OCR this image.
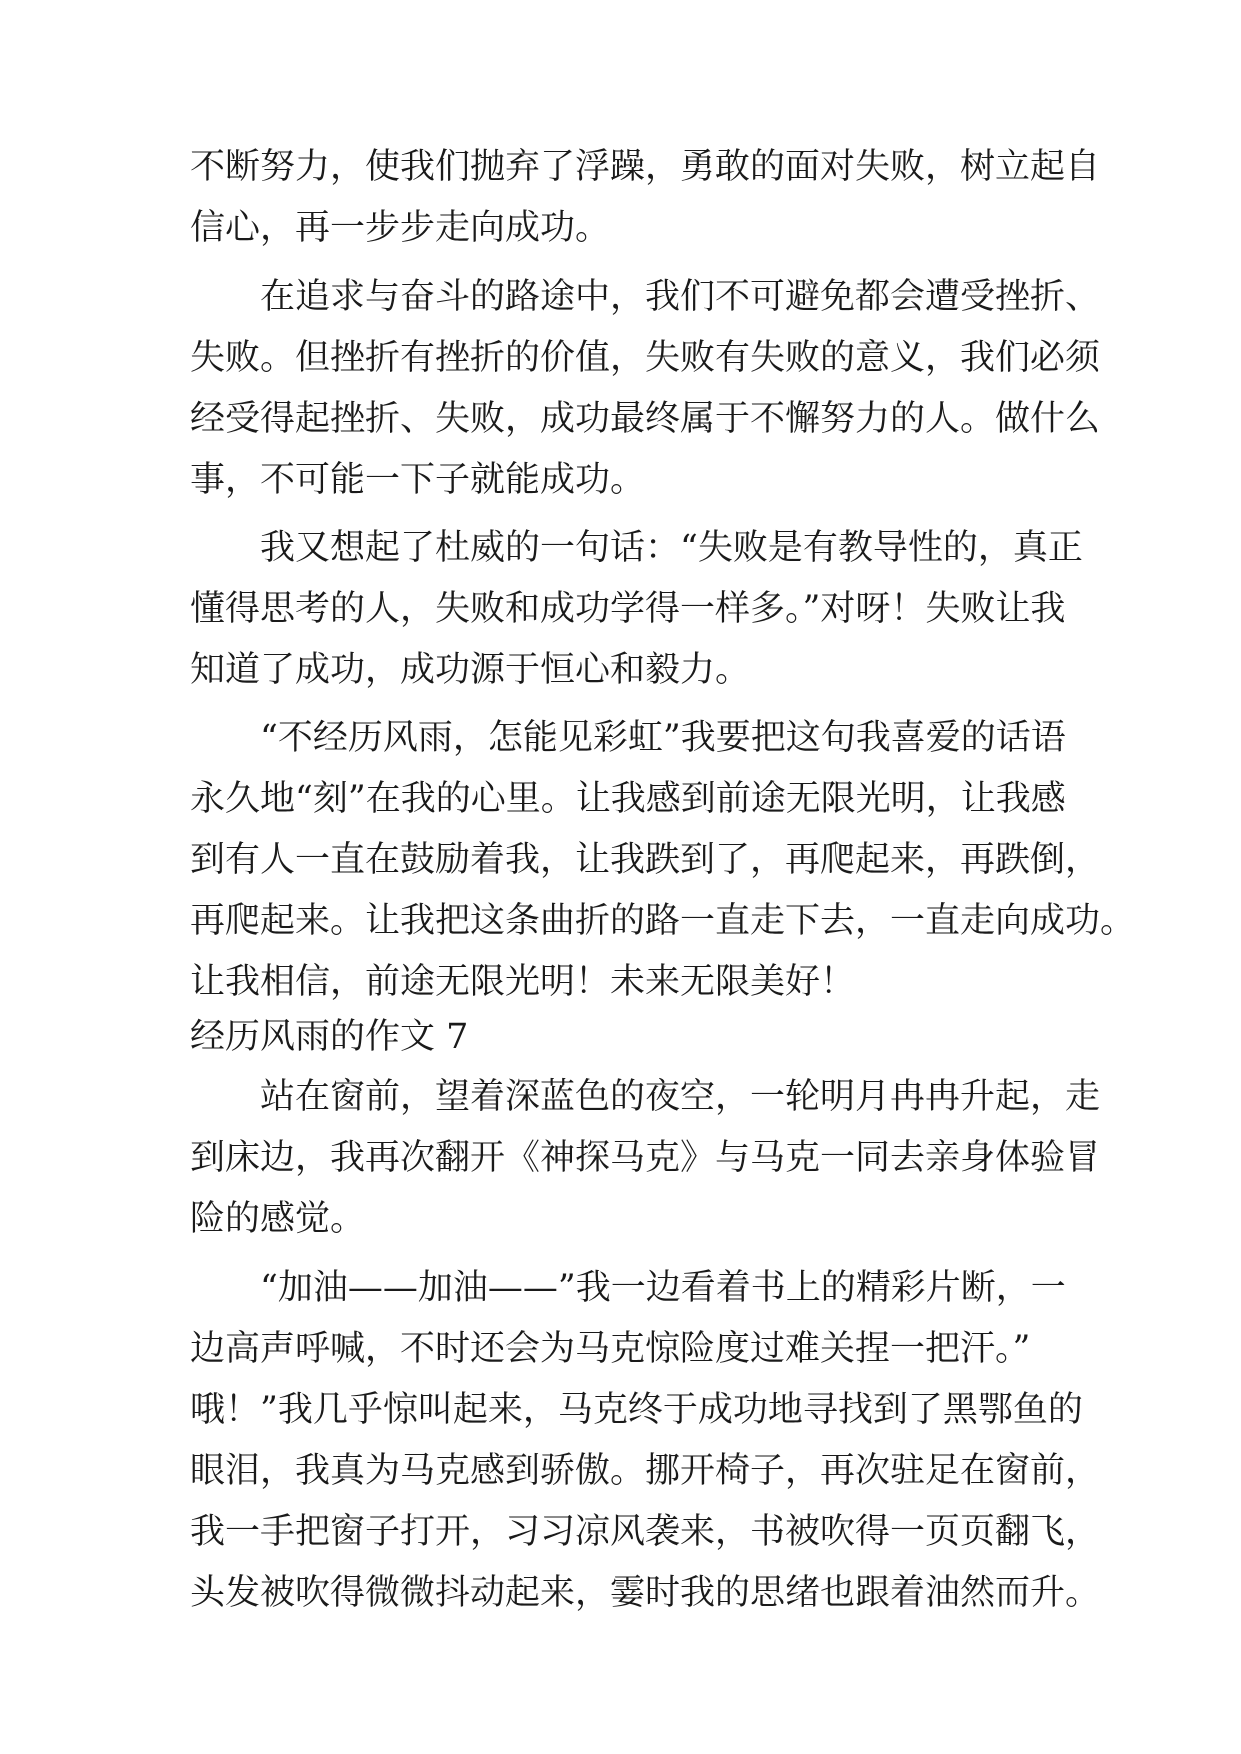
不断努力，使我们抛弃了浮躁，勇敢的面对失败，树立起自
信心，再一步步走向成功。
在追求与奋斗的路途中，我们不可避免都会遭受挫折、
失败。但挫折有挫折的价值，失败有失败的意义，我们必须
经受得起挫折、失败，成功最终属于不懈努力的人。做什么
事，不可能一下子就能成功。
我又想起了杜威的一句话：“失败是有教导性的，真正
懂得思考的人，失败和成功学得一样多。”对呀！失败让我
知道了成功，成功源于恒心和毅力。
“不经历风雨，怎能见彩虹”我要把这句我喜爱的话语
永久地“刻”在我的心里。让我感到前途无限光明，让我感
到有人一直在鼓励着我，让我跌到了，再爬起来，再跌倒，
再爬起来。让我把这条曲折的路一直走下去，一直走向成功。
让我相信，前途无限光明！未来无限美好！
经历风雨的作文 7
站在窗前，望着深蓝色的夜空，一轮明月冉冉升起，走
到床边，我再次翻开《神探马克》与马克一同去亲身体验冒
险的感觉。
“加油——加油——”我一边看着书上的精彩片断，一
边高声呼喊，不时还会为马克惊险度过难关捏一把汗。”
哦！”我几乎惊叫起来，马克终于成功地寻找到了黑鄂鱼的
眼泪，我真为马克感到骄傲。挪开椅子，再次驻足在窗前，
我一手把窗子打开，习习凉风袭来，书被吹得一页页翻飞，
头发被吹得微微抖动起来，霎时我的思绪也跟着油然而升。
